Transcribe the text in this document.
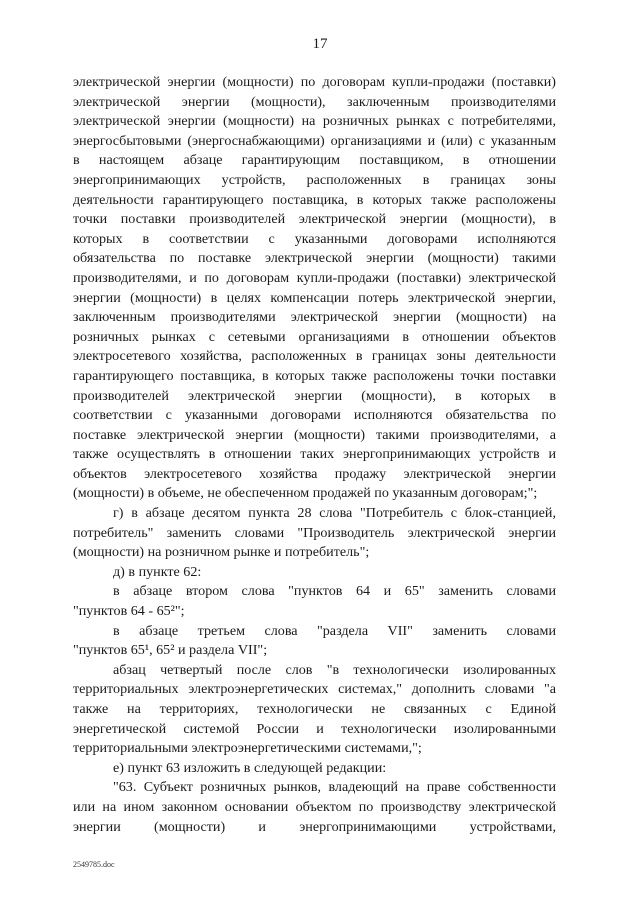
17
электрической энергии (мощности) по договорам купли-продажи (поставки)
электрической энергии (мощности), заключенным производителями
электрической энергии (мощности) на розничных рынках с потребителями,
энергосбытовыми (энергоснабжающими) организациями и (или) с указанным
в настоящем абзаце гарантирующим поставщиком, в отношении
энергопринимающих устройств, расположенных в границах зоны
деятельности гарантирующего поставщика, в которых также расположены
точки поставки производителей электрической энергии (мощности), в
которых в соответствии с указанными договорами исполняются
обязательства по поставке электрической энергии (мощности) такими
производителями, и по договорам купли-продажи (поставки) электрической
энергии (мощности) в целях компенсации потерь электрической энергии,
заключенным производителями электрической энергии (мощности) на
розничных рынках с сетевыми организациями в отношении объектов
электросетевого хозяйства, расположенных в границах зоны деятельности
гарантирующего поставщика, в которых также расположены точки поставки
производителей электрической энергии (мощности), в которых в
соответствии с указанными договорами исполняются обязательства по
поставке электрической энергии (мощности) такими производителями, а
также осуществлять в отношении таких энергопринимающих устройств и
объектов электросетевого хозяйства продажу электрической энергии
(мощности) в объеме, не обеспеченном продажей по указанным договорам;";
г) в абзаце десятом пункта 28 слова "Потребитель с блок-станцией,
потребитель" заменить словами "Производитель электрической энергии
(мощности) на розничном рынке и потребитель";
д) в пункте 62:
в абзаце втором слова "пунктов 64 и 65" заменить словами
"пунктов 64 - 65²";
в абзаце третьем слова "раздела VII" заменить словами
"пунктов 65¹, 65² и раздела VII";
абзац четвертый после слов "в технологически изолированных
территориальных электроэнергетических системах," дополнить словами "а
также на территориях, технологически не связанных с Единой
энергетической системой России и технологически изолированными
территориальными электроэнергетическими системами,";
е) пункт 63 изложить в следующей редакции:
"63. Субъект розничных рынков, владеющий на праве собственности
или на ином законном основании объектом по производству электрической
энергии (мощности) и энергопринимающими устройствами,
2549785.doc
